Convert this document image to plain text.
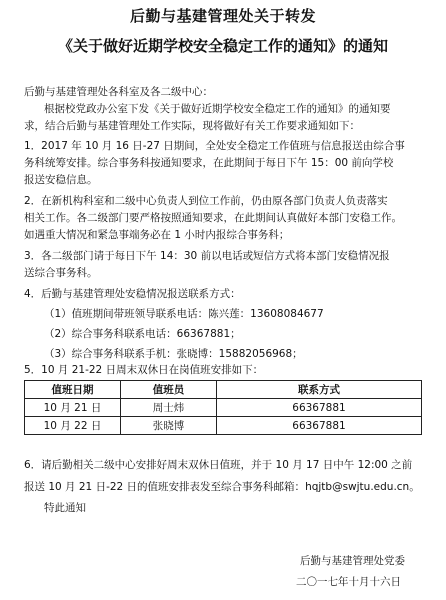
后勤与基建管理处关于转发
《关于做好近期学校安全稳定工作的通知》的通知
后勤与基建管理处各科室及各二级中心：
根据校党政办公室下发《关于做好近期学校安全稳定工作的通知》的通知要
求，结合后勤与基建管理处工作实际，现将做好有关工作要求通知如下：
1．2017 年 10 月 16 日-27 日期间，全处安全稳定工作值班与信息报送由综合事
务科统筹安排。综合事务科按通知要求，在此期间于每日下午 15：00 前向学校
报送安稳信息。
2．在新机构科室和二级中心负责人到位工作前，仍由原各部门负责人负责落实
相关工作。各二级部门要严格按照通知要求，在此期间认真做好本部门安稳工作。
如遇重大情况和紧急事端务必在 1 小时内报综合事务科；
3．各二级部门请于每日下午 14：30 前以电话或短信方式将本部门安稳情况报
送综合事务科。
4．后勤与基建管理处安稳情况报送联系方式：
（1）值班期间带班领导联系电话：陈兴莲：13608084677
（2）综合事务科联系电话：66367881；
（3）综合事务科联系手机：张晓博：15882056968；
5．10 月 21-22 日周末双休日在岗值班安排如下：
值班日期	值班员	联系方式
10 月 21 日	周士炜	66367881
10 月 22 日	张晓博	66367881
6．请后勤相关二级中心安排好周末双休日值班，并于 10 月 17 日中午 12:00 之前
报送 10 月 21 日-22 日的值班安排表发至综合事务科邮箱：hqjtb@swjtu.edu.cn。
特此通知
后勤与基建管理处党委
二〇一七年十月十六日
